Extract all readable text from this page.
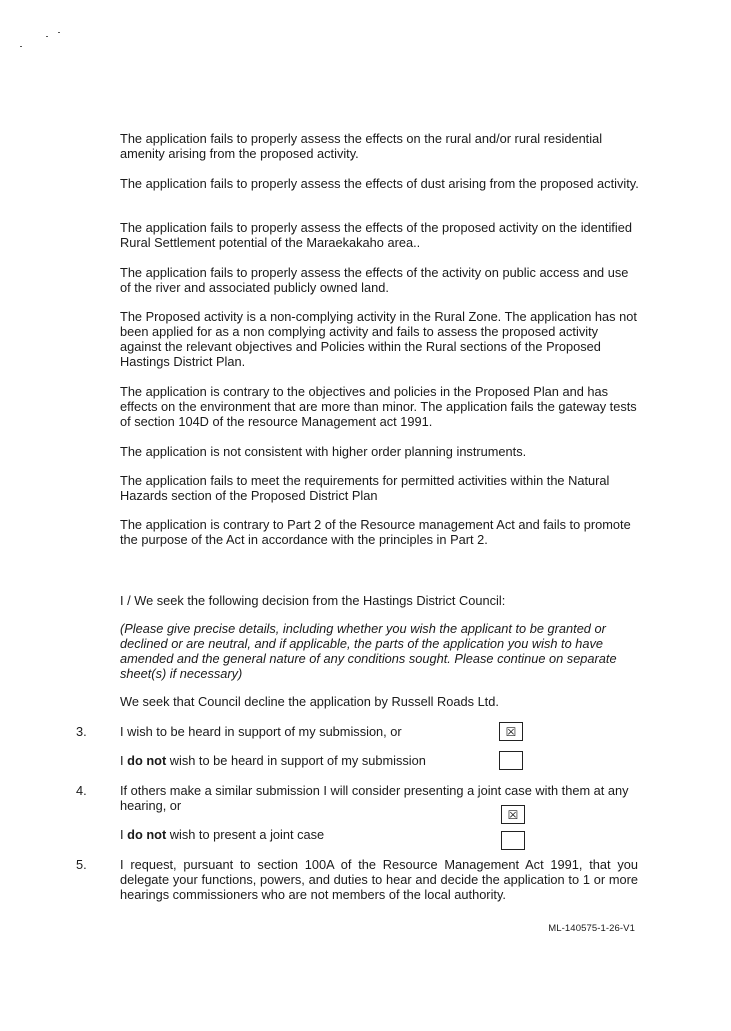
The application fails to properly assess the effects on the rural and/or rural residential amenity arising from the proposed activity.

The application fails to properly assess the effects of dust arising from the proposed activity.

The application fails to properly assess the effects of the proposed activity on the identified Rural Settlement potential of the Maraekakaho area..

The application fails to properly assess the effects of the activity on public access and use of the river and associated publicly owned land.

The Proposed activity is a non-complying activity in the Rural Zone. The application has not been applied for as a non complying activity and fails to assess the proposed activity against the relevant objectives and Policies within the Rural sections of the Proposed Hastings District Plan.

The application is contrary to the objectives and policies in the Proposed Plan and has effects on the environment that are more than minor. The application fails the gateway tests of section 104D of the resource Management act 1991.

The application is not consistent with higher order planning instruments.

The application fails to meet the requirements for permitted activities within the Natural Hazards section of the Proposed District Plan

The application is contrary to Part 2 of the Resource management Act and fails to promote the purpose of the Act in accordance with the principles in Part 2.

I / We seek the following decision from the Hastings District Council:

(Please give precise details, including whether you wish the applicant to be granted or declined or are neutral, and if applicable, the parts of the application you wish to have amended and the general nature of any conditions sought. Please continue on separate sheet(s) if necessary)

We seek that Council decline the application by Russell Roads Ltd.

3.	I wish to be heard in support of my submission, or	☒

I do not wish to be heard in support of my submission

4.	If others make a similar submission I will consider presenting a joint case with them at any hearing, or

☒

I do not wish to present a joint case

5.	I request, pursuant to section 100A of the Resource Management Act 1991, that you delegate your functions, powers, and duties to hear and decide the application to 1 or more hearings commissioners who are not members of the local authority.

ML-140575-1-26-V1
